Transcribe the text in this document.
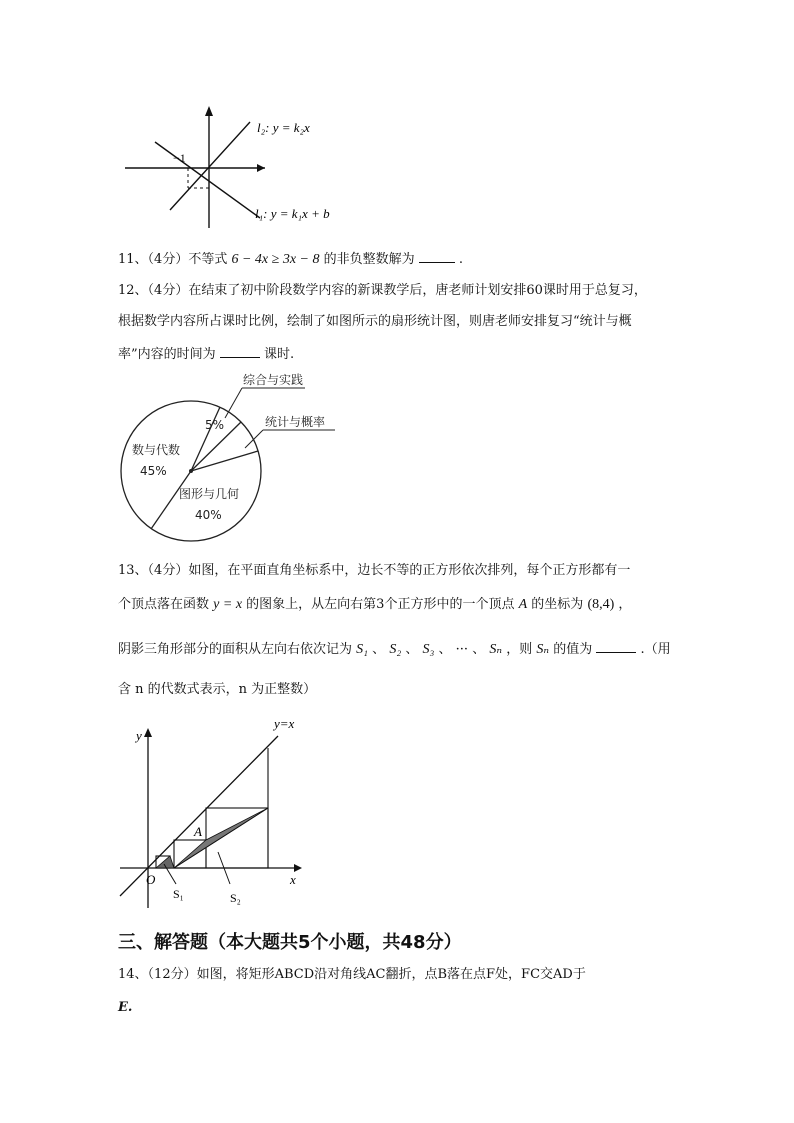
−1
l₂: y = k₂x
l₁: y = k₁x + b
11、（4分）不等式 6 − 4x ≥ 3x − 8 的非负整数解为	.
12、（4分）在结束了初中阶段数学内容的新课教学后，唐老师计划安排60课时用于总复习，
根据数学内容所占课时比例，绘制了如图所示的扇形统计图，则唐老师安排复习“统计与概
率”内容的时间为	课时.
综合与实践
5%	统计与概率
数与代数
45%
图形与几何
40%
13、（4分）如图，在平面直角坐标系中，边长不等的正方形依次排列，每个正方形都有一
个顶点落在函数 y = x 的图象上，从左向右第3个正方形中的一个顶点 A 的坐标为 (8,4) ，
阴影三角形部分的面积从左向右依次记为 S₁ 、 S₂ 、 S₃ 、 ··· 、 Sₙ ，则 Sₙ 的值为	.（用
含 n 的代数式表示，n 为正整数）
y
x
O
y=x
A
S₁	S₂
三、解答题（本大题共5个小题，共48分）
14、（12分）如图，将矩形ABCD沿对角线AC翻折，点B落在点F处，FC交AD于
E.
